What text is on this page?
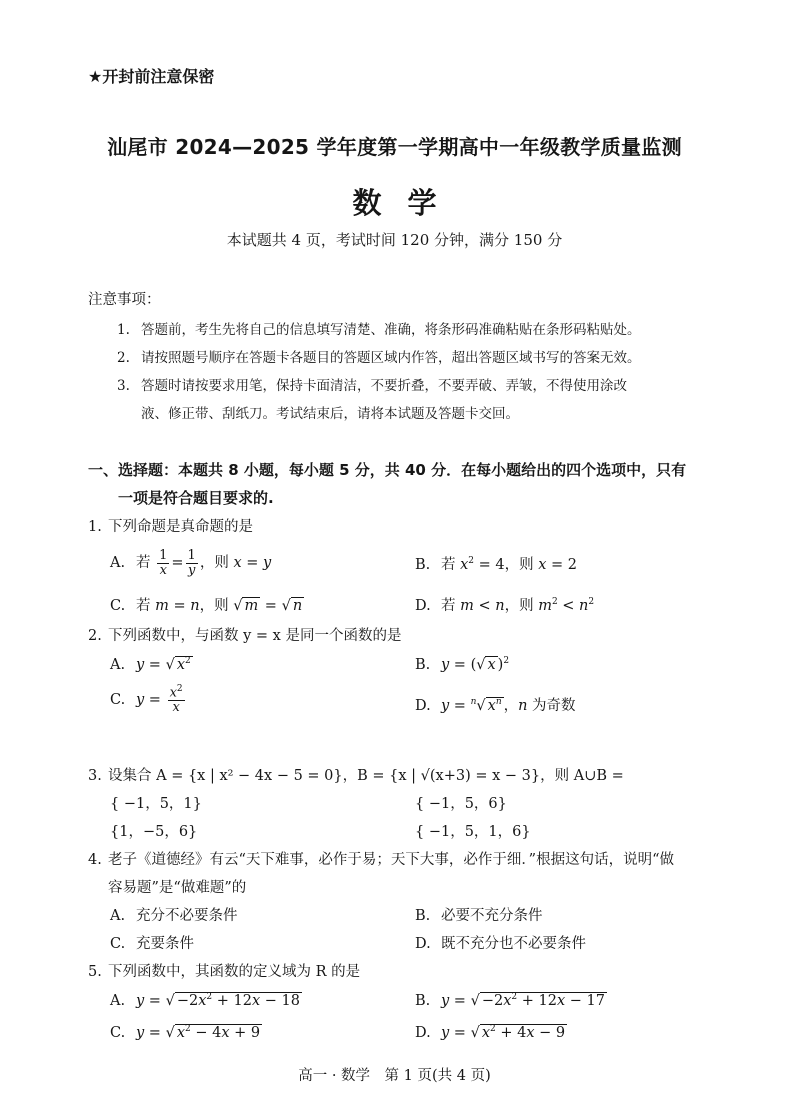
★开封前注意保密
汕尾市 2024—2025 学年度第一学期高中一年级教学质量监测
数学
本试题共 4 页，考试时间 120 分钟，满分 150 分
注意事项：
1. 答题前，考生先将自己的信息填写清楚、准确，将条形码准确粘贴在条形码粘贴处。
2. 请按照题号顺序在答题卡各题目的答题区域内作答，超出答题区域书写的答案无效。
3. 答题时请按要求用笔，保持卡面清洁，不要折叠，不要弄破、弄皱，不得使用涂改
液、修正带、刮纸刀。考试结束后，请将本试题及答题卡交回。
一、选择题：本题共 8 小题，每小题 5 分，共 40 分．在每小题给出的四个选项中，只有
一项是符合题目要求的.
1. 下列命题是真命题的是
A. 若 $\frac{1}{x} = \frac{1}{y}$ ，则 x = y	B. 若 $x^2 = 4$，则 x = 2
C. 若 m = n，则 √ m = √ n	D. 若 m < n，则 $m^2 < n^2$
2. 下列函数中，与函数 y = x 是同一个函数的是
A. y = √ $x^2$	B. y = ( √ x )$^2$
C. $y = \frac{x^2}{x}$	D. y = $^n$ √ $x^n$ ，n 为奇数
3. 设集合 A = {x | x² − 4x − 5 = 0}，B = {x | √(x+3) = x − 3}，则 A∪B =
{ −1，5，1}	{ −1，5，6}
{1，−5，6}	{ −1，5，1，6}
4. 老子《道德经》有云“天下难事，必作于易；天下大事，必作于细．”根据这句话，说明“做
容易题”是“做难题”的
A. 充分不必要条件	B. 必要不充分条件
C. 充要条件	D. 既不充分也不必要条件
5. 下列函数中，其函数的定义域为 R 的是
A. y = √ $-2x^2 + 12x - 18$	B. y = √ $-2x^2 + 12x - 17$
C. y = √ $x^2 - 4x + 9$	D. y = √ $x^2 + 4x - 9$
高一 · 数学　第 1 页(共 4 页)
